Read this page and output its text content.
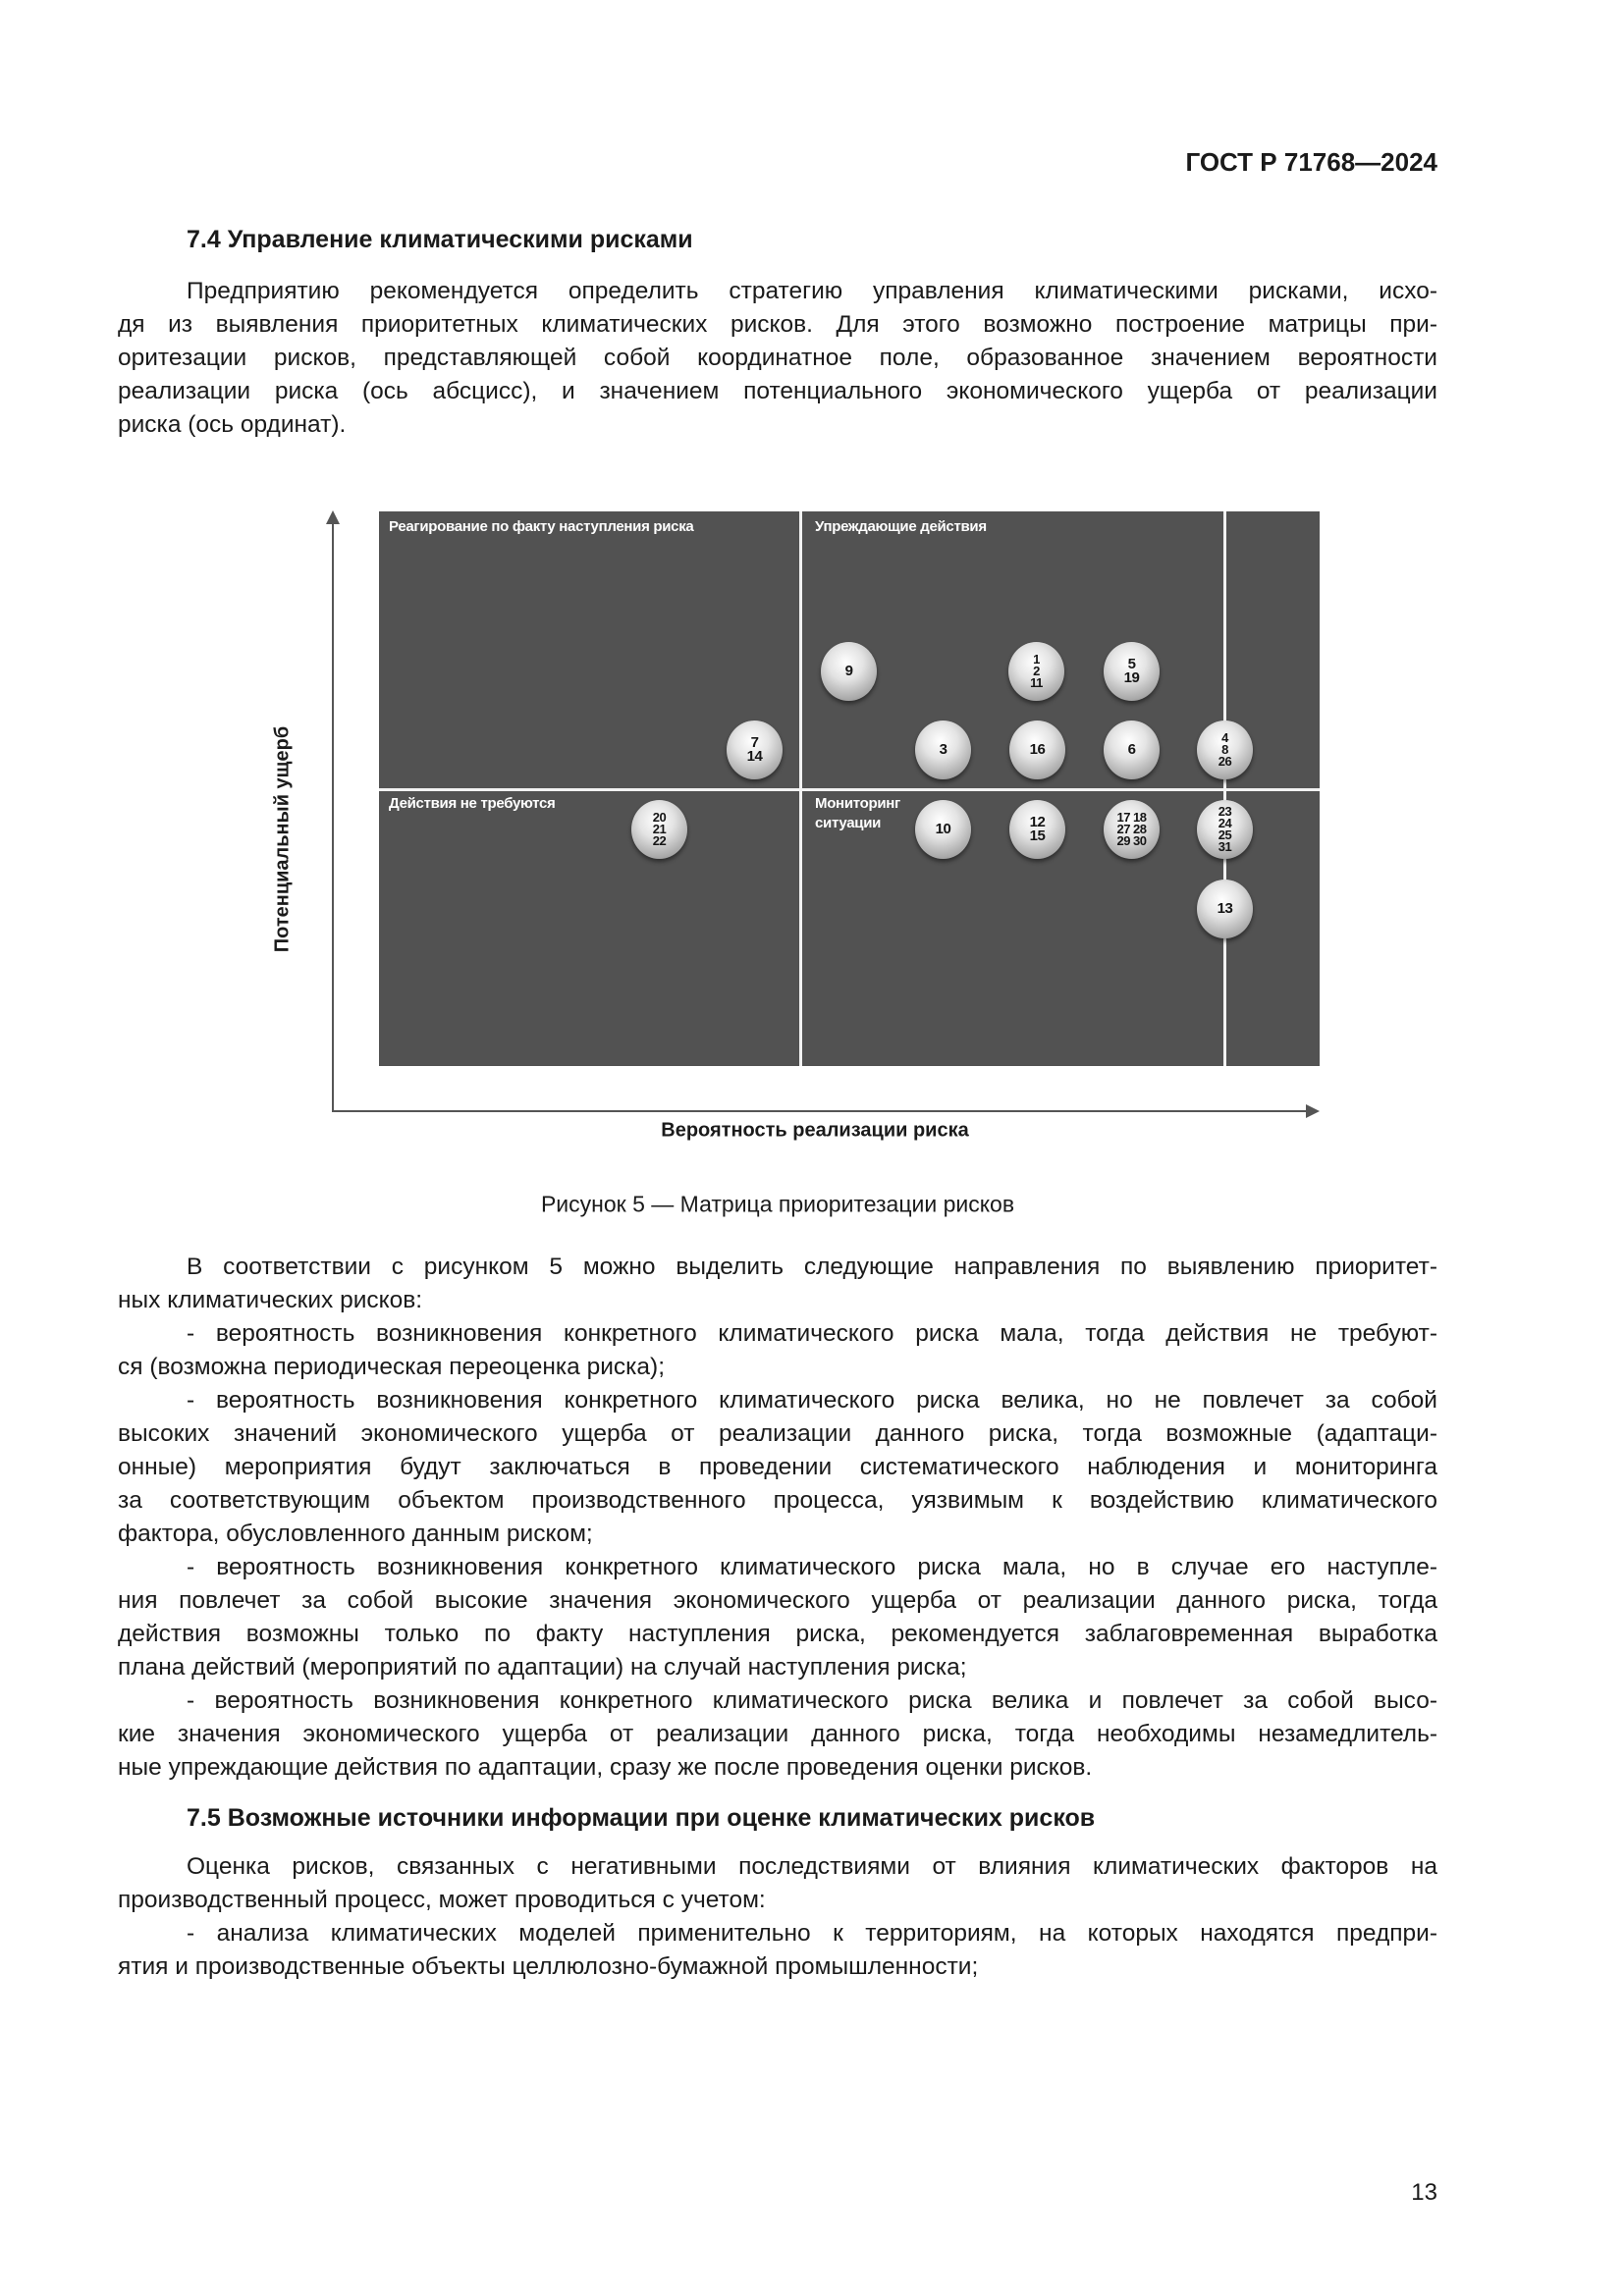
ГОСТ Р 71768—2024
7.4 Управление климатическими рисками
Предприятию рекомендуется определить стратегию управления климатическими рисками, исхо-
дя из выявления приоритетных климатических рисков. Для этого возможно построение матрицы при-
оритезации рисков, представляющей собой координатное поле, образованное значением вероятности
реализации риска (ось абсцисс), и значением потенциального экономического ущерба от реализации
риска (ось ординат).
Потенциальный ущерб
Вероятность реализации риска
Реагирование по факту наступления риска	Упреждающие действия
Действия не требуются	Мониторинг
ситуации
9
1
2
11
5
19
7
14	3	16	6
4
8
26
20
21
22
10	12
15
17 18
27 28
29 30
23
24
25
31
13
Рисунок 5 — Матрица приоритезации рисков
В соответствии с рисунком 5 можно выделить следующие направления по выявлению приоритет-
ных климатических рисков:
- вероятность возникновения конкретного климатического риска мала, тогда действия не требуют-
ся (возможна периодическая переоценка риска);
- вероятность возникновения конкретного климатического риска велика, но не повлечет за собой
высоких значений экономического ущерба от реализации данного риска, тогда возможные (адаптаци-
онные) мероприятия будут заключаться в проведении систематического наблюдения и мониторинга
за соответствующим объектом производственного процесса, уязвимым к воздействию климатического
фактора, обусловленного данным риском;
- вероятность возникновения конкретного климатического риска мала, но в случае его наступле-
ния повлечет за собой высокие значения экономического ущерба от реализации данного риска, тогда
действия возможны только по факту наступления риска, рекомендуется заблаговременная выработка
плана действий (мероприятий по адаптации) на случай наступления риска;
- вероятность возникновения конкретного климатического риска велика и повлечет за собой высо-
кие значения экономического ущерба от реализации данного риска, тогда необходимы незамедлитель-
ные упреждающие действия по адаптации, сразу же после проведения оценки рисков.
7.5 Возможные источники информации при оценке климатических рисков
Оценка рисков, связанных с негативными последствиями от влияния климатических факторов на
производственный процесс, может проводиться с учетом:
- анализа климатических моделей применительно к территориям, на которых находятся предпри-
ятия и производственные объекты целлюлозно-бумажной промышленности;
13
